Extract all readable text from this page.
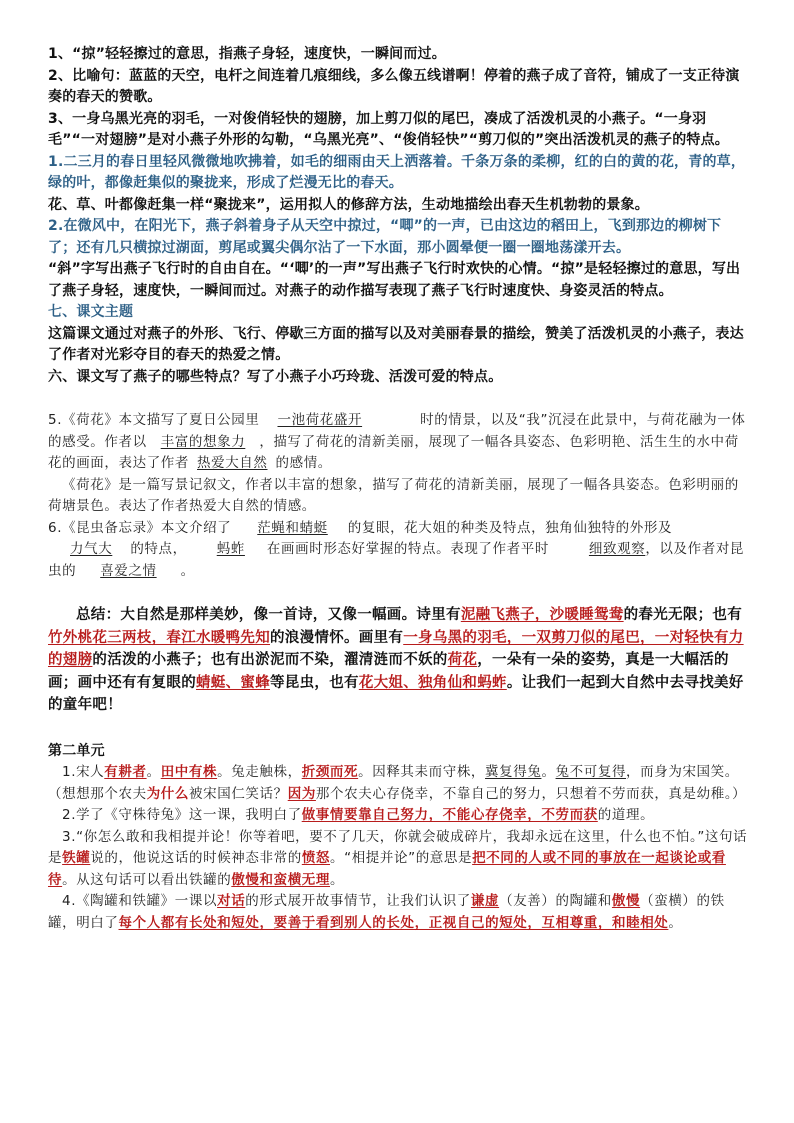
1、“掠”轻轻擦过的意思，指燕子身轻，速度快，一瞬间而过。

2、比喻句：蓝蓝的天空，电杆之间连着几痕细线，多么像五线谱啊！停着的燕子成了音符，铺成了一支正待演奏的春天的赞歌。

3、一身乌黑光亮的羽毛，一对俊俏轻快的翅膀，加上剪刀似的尾巴，凑成了活泼机灵的小燕子。“一身羽毛”“一对翅膀”是对小燕子外形的勾勒，“乌黑光亮”、“俊俏轻快”“剪刀似的”突出活泼机灵的燕子的特点。

1.二三月的春日里轻风微微地吹拂着，如毛的细雨由天上洒落着。千条万条的柔柳，红的白的黄的花，青的草，绿的叶，都像赶集似的聚拢来，形成了烂漫无比的春天。

花、草、叶都像赶集一样“聚拢来”，运用拟人的修辞方法，生动地描绘出春天生机勃勃的景象。

2.在微风中，在阳光下，燕子斜着身子从天空中掠过，“唧”的一声，已由这边的稻田上，飞到那边的柳树下了；还有几只横掠过湖面，剪尾或翼尖偶尔沾了一下水面，那小圆晕便一圈一圈地荡漾开去。

“斜”字写出燕子飞行时的自由自在。“‘唧’的一声”写出燕子飞行时欢快的心情。“掠”是轻轻擦过的意思，写出了燕子身轻，速度快，一瞬间而过。对燕子的动作描写表现了燕子飞行时速度快、身姿灵活的特点。

七、课文主题

这篇课文通过对燕子的外形、飞行、停歇三方面的描写以及对美丽春景的描绘，赞美了活泼机灵的小燕子，表达了作者对光彩夺目的春天的热爱之情。

六、课文写了燕子的哪些特点？写了小燕子小巧玲珑、活泼可爱的特点。

5.《荷花》本文描写了夏日公园里 一池荷花盛开	时的情景，以及“我”沉浸在此景中，与荷花融为一体的感受。作者以 丰富的想象力 ，描写了荷花的清新美丽，展现了一幅各具姿态、色彩明艳、活生生的水中荷花的画面，表达了作者 热爱大自然 的感情。

《荷花》是一篇写景记叙文，作者以丰富的想象，描写了荷花的清新美丽，展现了一幅各具姿态。色彩明丽的荷塘景色。表达了作者热爱大自然的情感。

6.《昆虫备忘录》本文介绍了 茫蝇和蜻蜓 的复眼，花大姐的种类及特点，独角仙独特的外形及力气大 的特点， 蚂蚱 在画画时形态好掌握的特点。表现了作者平时	细致观察，以及作者对昆虫的 喜爱之情 。

总结：大自然是那样美妙，像一首诗，又像一幅画。诗里有泥融飞燕子，沙暖睡鸳鸯的春光无限；也有竹外桃花三两枝，春江水暖鸭先知的浪漫情怀。画里有一身乌黑的羽毛，一双剪刀似的尾巴，一对轻快有力的翅膀的活泼的小燕子；也有出淤泥而不染，濯清涟而不妖的荷花，一朵有一朵的姿势，真是一大幅活的画；画中还有有复眼的蜻蜓、蜜蜂等昆虫，也有花大姐、独角仙和蚂蚱。让我们一起到大自然中去寻找美好的童年吧！

第二单元

1.宋人有耕者。田中有株。兔走触株，折颈而死。因释其耒而守株，冀复得兔。兔不可复得，而身为宋国笑。（想想那个农夫为什么被宋国仁笑话？因为那个农夫心存侥幸，不靠自己的努力，只想着不劳而获，真是幼稚。）

2.学了《守株待兔》这一课，我明白了做事情要靠自己努力，不能心存侥幸，不劳而获的道理。

3.“你怎么敢和我相提并论！你等着吧，要不了几天，你就会破成碎片，我却永远在这里，什么也不怕。”这句话是铁罐说的，他说这话的时候神态非常的愤怒。“相提并论”的意思是把不同的人或不同的事放在一起谈论或看待。从这句话可以看出铁罐的傲慢和蛮横无理。

4.《陶罐和铁罐》一课以对话的形式展开故事情节，让我们认识了谦虚（友善）的陶罐和傲慢（蛮横）的铁罐，明白了每个人都有长处和短处，要善于看到别人的长处，正视自己的短处，互相尊重，和睦相处。
